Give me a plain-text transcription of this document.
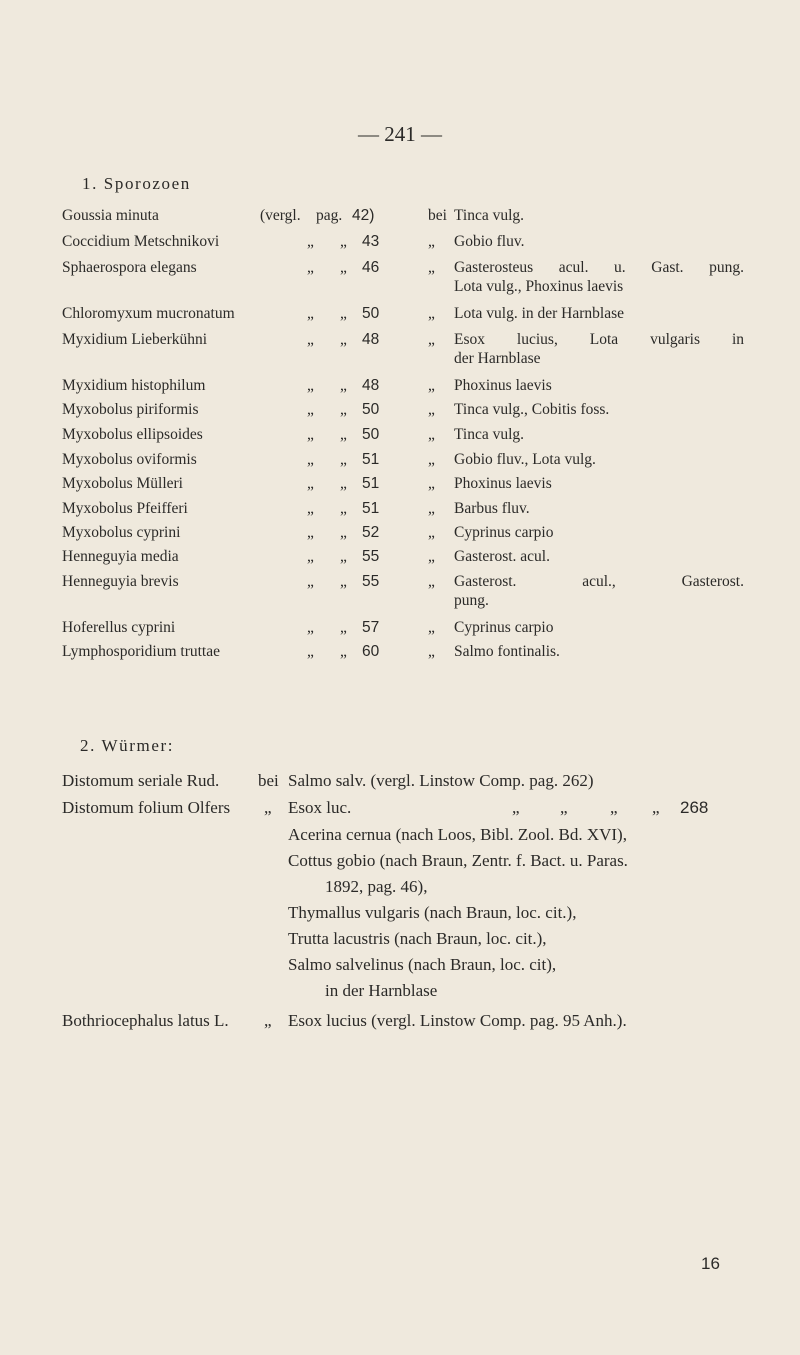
— 241 —
1. Sporozoen
Goussia minuta	(vergl. pag. 42)	bei Tinca vulg.
Coccidium Metschnikovi	„ „ 43	„ Gobio fluv.
Sphaerospora elegans	„ „ 46	„ Gasterosteus acul. u. Gast. pung.
Lota vulg., Phoxinus laevis
Chloromyxum mucronatum	„ „ 50	„ Lota vulg. in der Harnblase
Myxidium Lieberkühni	„ „ 48	„ Esox lucius, Lota vulgaris in
der Harnblase
Myxidium histophilum	„ „ 48	„ Phoxinus laevis
Myxobolus piriformis	„ „ 50	„ Tinca vulg., Cobitis foss.
Myxobolus ellipsoides	„ „ 50	„ Tinca vulg.
Myxobolus oviformis	„ „ 51	„ Gobio fluv., Lota vulg.
Myxobolus Mülleri	„ „ 51	„ Phoxinus laevis
Myxobolus Pfeifferi	„ „ 51	„ Barbus fluv.
Myxobolus cyprini	„ „ 52	„ Cyprinus carpio
Henneguyia media	„ „ 55	„ Gasterost. acul.
Henneguyia brevis	„ „ 55	„ Gasterost. acul., Gasterost.
pung.
Hoferellus cyprini	„ „ 57	„ Cyprinus carpio
Lymphosporidium truttae	„ „ 60	„ Salmo fontinalis.
2. Würmer:
Distomum seriale Rud. bei Salmo salv. (vergl. Linstow Comp. pag. 262)
Distomum folium Olfers „ Esox luc.	„ „ „ „ 268
Acerina cernua (nach Loos, Bibl. Zool. Bd. XVI),
Cottus gobio (nach Braun, Zentr. f. Bact. u. Paras.
1892, pag. 46),
Thymallus vulgaris (nach Braun, loc. cit.),
Trutta lacustris (nach Braun, loc. cit.),
Salmo salvelinus (nach Braun, loc. cit),
in der Harnblase
Bothriocephalus latus L. „ Esox lucius (vergl. Linstow Comp. pag. 95 Anh.).
16
